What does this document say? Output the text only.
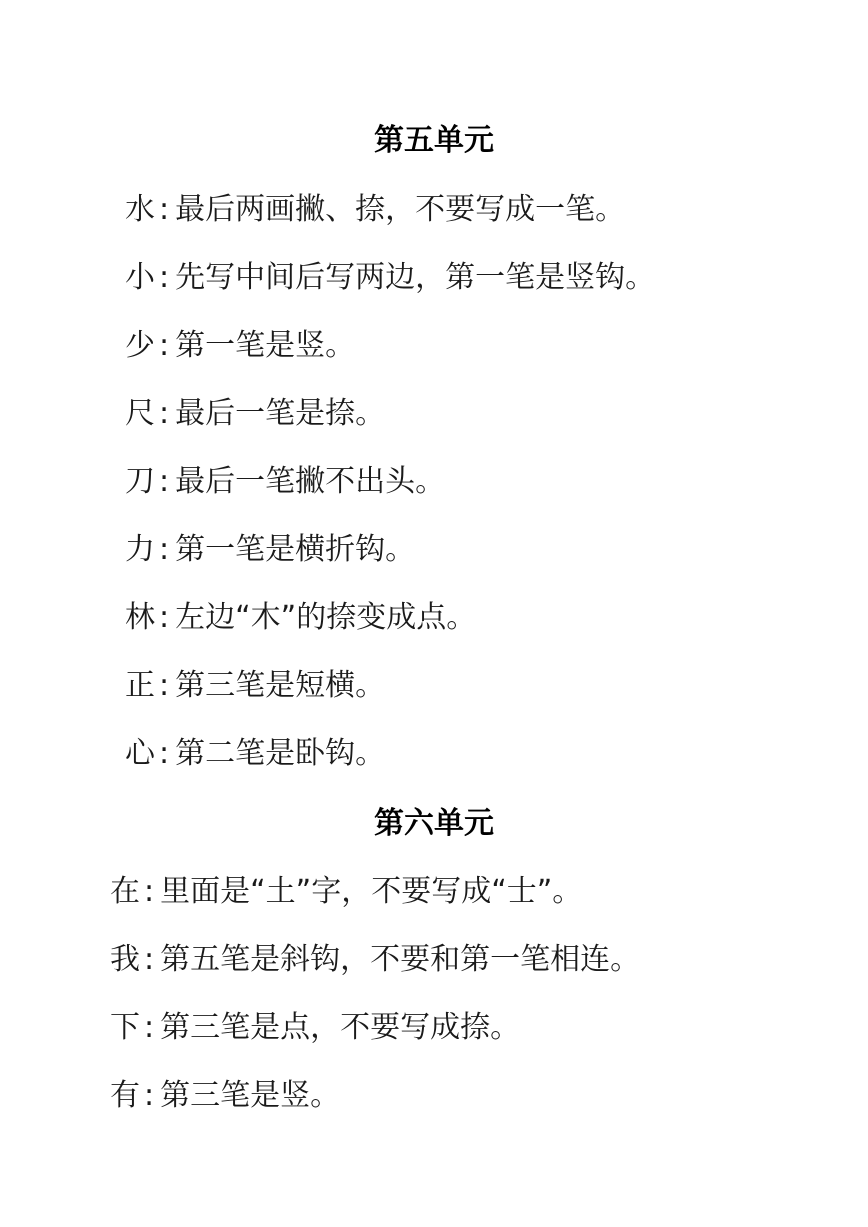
第五单元
水 : 最后两画撇、捺，不要写成一笔。
小 : 先写中间后写两边，第一笔是竖钩。
少 : 第一笔是竖。
尺 : 最后一笔是捺。
刀 : 最后一笔撇不出头。
力 : 第一笔是横折钩。
林 : 左边“木”的捺变成点。
正 : 第三笔是短横。
心 : 第二笔是卧钩。
第六单元
在 : 里面是“土”字，不要写成“士”。
我 : 第五笔是斜钩，不要和第一笔相连。
下 : 第三笔是点，不要写成捺。
有 : 第三笔是竖。
